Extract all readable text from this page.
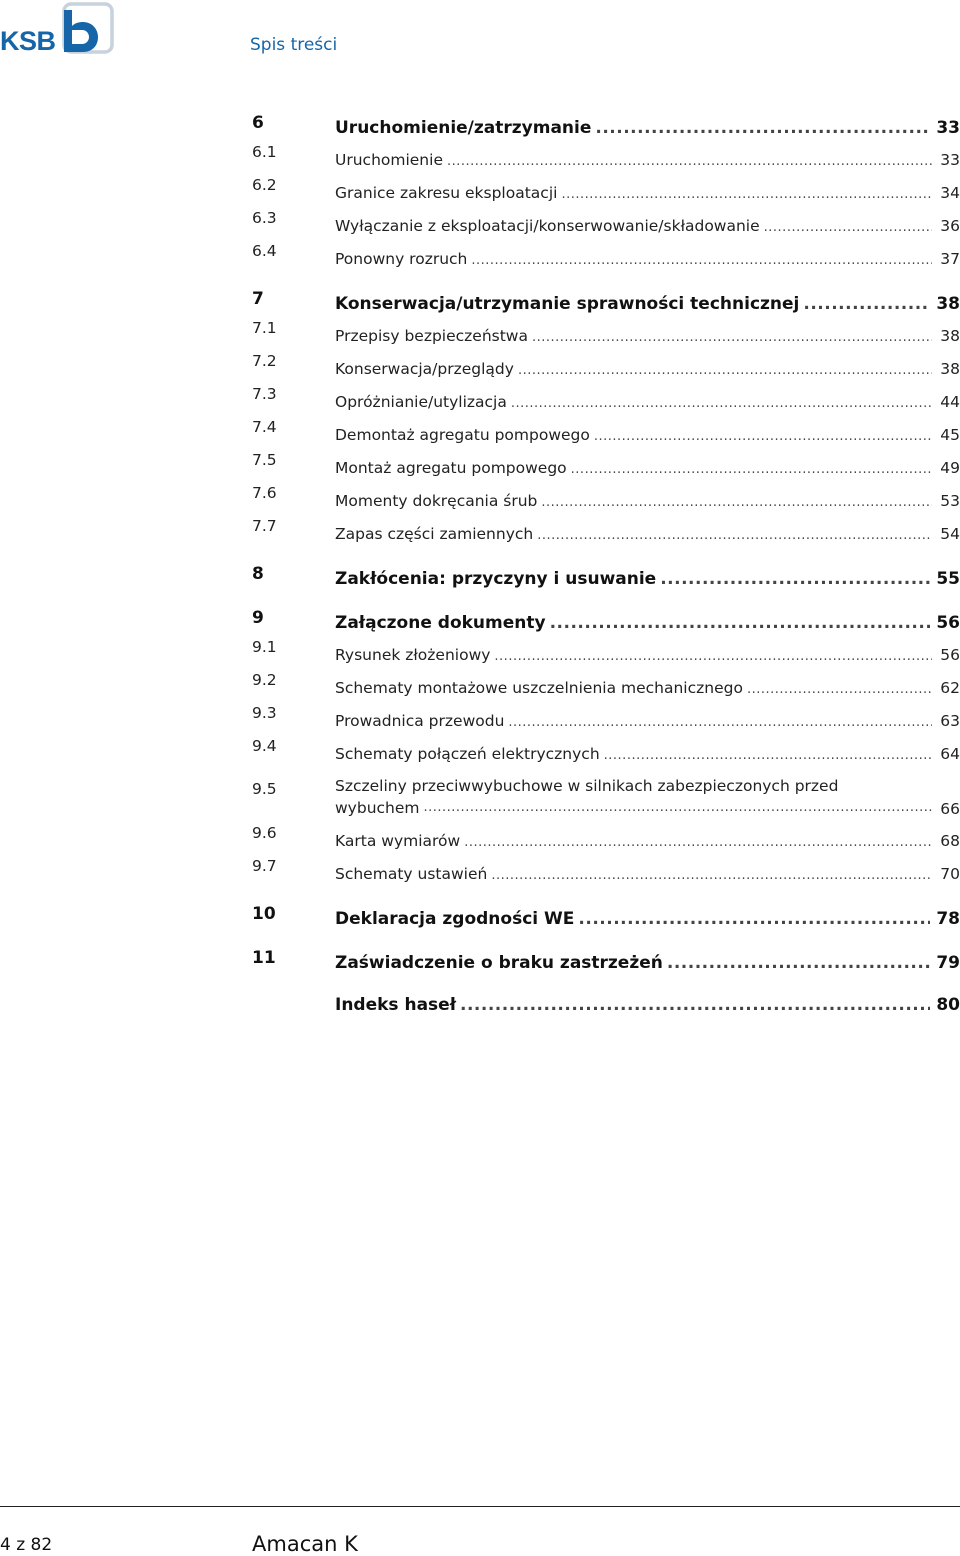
KSB	Spis treści
6	Uruchomienie/zatrzymanie .....	33
6.1	Uruchomienie .....	33
6.2	Granice zakresu eksploatacji .....	34
6.3	Wyłączanie z eksploatacji/konserwowanie/składowanie .....	36
6.4	Ponowny rozruch .....	37
7	Konserwacja/utrzymanie sprawności technicznej .....	38
7.1	Przepisy bezpieczeństwa .....	38
7.2	Konserwacja/przeglądy .....	38
7.3	Opróżnianie/utylizacja .....	44
7.4	Demontaż agregatu pompowego .....	45
7.5	Montaż agregatu pompowego .....	49
7.6	Momenty dokręcania śrub .....	53
7.7	Zapas części zamiennych .....	54
8	Zakłócenia: przyczyny i usuwanie .....	55
9	Załączone dokumenty .....	56
9.1	Rysunek złożeniowy .....	56
9.2	Schematy montażowe uszczelnienia mechanicznego .....	62
9.3	Prowadnica przewodu .....	63
9.4	Schematy połączeń elektrycznych .....	64
9.5	Szczeliny przeciwwybuchowe w silnikach zabezpieczonych przed
wybuchem .....	66
9.6	Karta wymiarów .....	68
9.7	Schematy ustawień .....	70
10	Deklaracja zgodności WE .....	78
11	Zaświadczenie o braku zastrzeżeń .....	79
Indeks haseł .....	80
4 z 82	Amacan K
